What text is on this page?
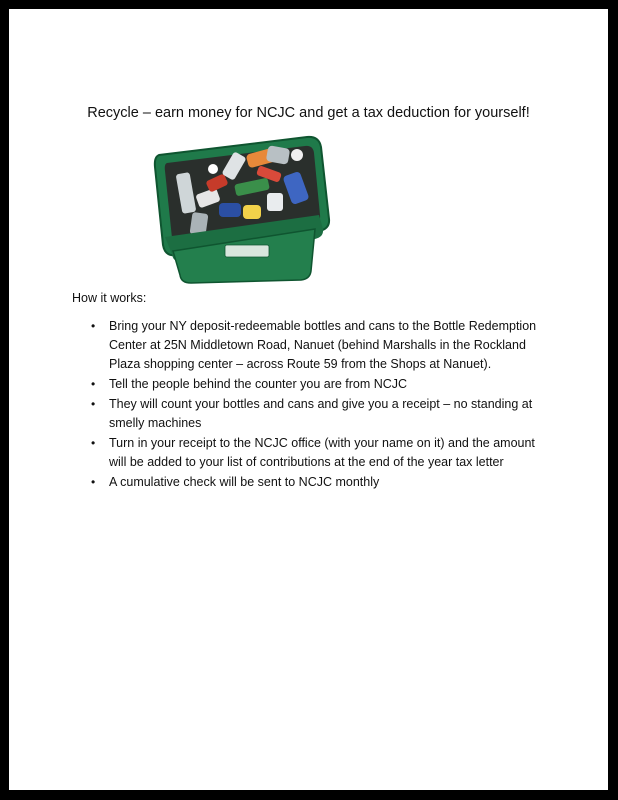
Recycle – earn money for NCJC and get a tax deduction for yourself!

How it works:

• Bring your NY deposit-redeemable bottles and cans to the Bottle Redemption Center at 25N Middletown Road, Nanuet (behind Marshalls in the Rockland Plaza shopping center – across Route 59 from the Shops at Nanuet).
• Tell the people behind the counter you are from NCJC
• They will count your bottles and cans and give you a receipt – no standing at smelly machines
• Turn in your receipt to the NCJC office (with your name on it) and the amount will be added to your list of contributions at the end of the year tax letter
• A cumulative check will be sent to NCJC monthly
